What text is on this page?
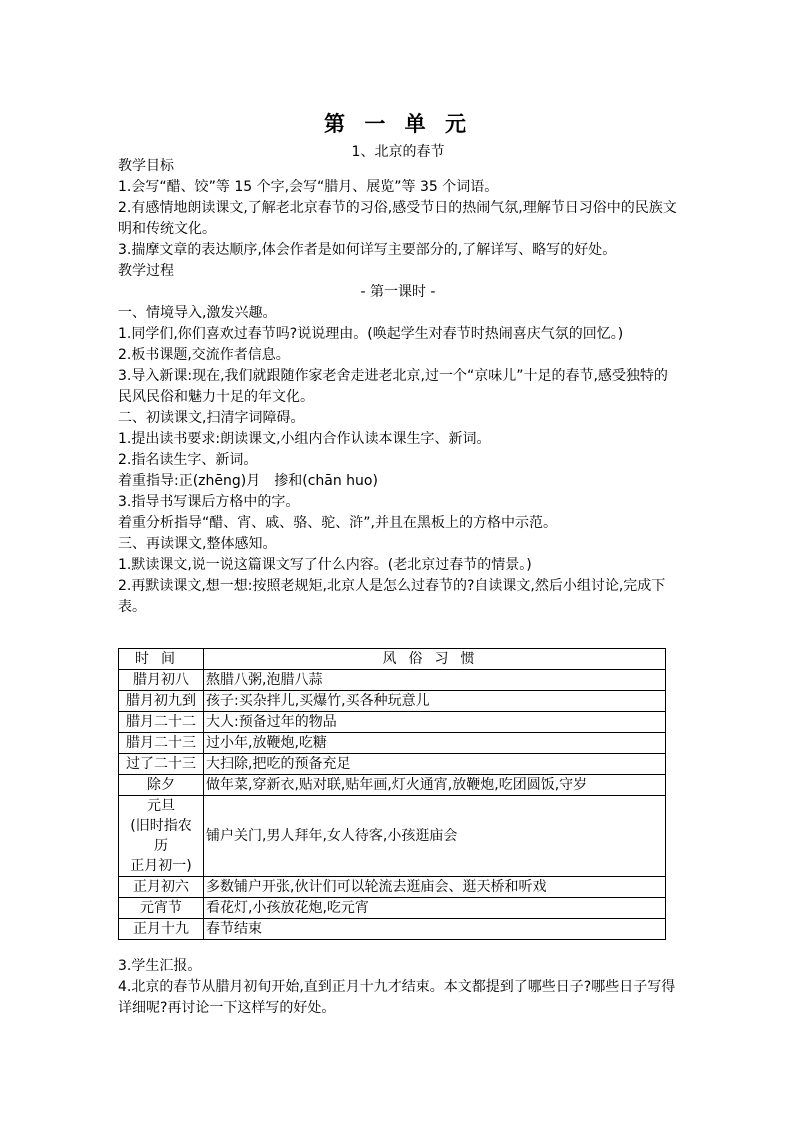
第 一 单 元
1、北京的春节

教学目标

1.会写“醋、饺”等 15 个字,会写“腊月、展览”等 35 个词语。

2.有感情地朗读课文,了解老北京春节的习俗,感受节日的热闹气氛,理解节日习俗中的民族文明和传统文化。

3.揣摩文章的表达顺序,体会作者是如何详写主要部分的,了解详写、略写的好处。

教学过程

- 第一课时 -

一、情境导入,激发兴趣。

1.同学们,你们喜欢过春节吗?说说理由。(唤起学生对春节时热闹喜庆气氛的回忆。)

2.板书课题,交流作者信息。

3.导入新课:现在,我们就跟随作家老舍走进老北京,过一个“京味儿”十足的春节,感受独特的民风民俗和魅力十足的年文化。

二、初读课文,扫清字词障碍。

1.提出读书要求:朗读课文,小组内合作认读本课生字、新词。

2.指名读生字、新词。

着重指导:正(zhēng)月　掺和(chān huo)

3.指导书写课后方格中的字。

着重分析指导“醋、宵、戚、骆、驼、浒”,并且在黑板上的方格中示范。

三、再读课文,整体感知。

1.默读课文,说一说这篇课文写了什么内容。(老北京过春节的情景。)

2.再默读课文,想一想:按照老规矩,北京人是怎么过春节的?自读课文,然后小组讨论,完成下表。

时间	风俗习惯
腊月初八	熬腊八粥,泡腊八蒜
腊月初九到	孩子:买杂拌儿,买爆竹,买各种玩意儿
腊月二十二	大人:预备过年的物品
腊月二十三	过小年,放鞭炮,吃糖
过了二十三	大扫除,把吃的预备充足
除夕	做年菜,穿新衣,贴对联,贴年画,灯火通宵,放鞭炮,吃团圆饭,守岁
元旦
(旧时指农
历
正月初一)	铺户关门,男人拜年,女人待客,小孩逛庙会
正月初六	多数铺户开张,伙计们可以轮流去逛庙会、逛天桥和听戏
元宵节	看花灯,小孩放花炮,吃元宵
正月十九	春节结束

3.学生汇报。

4.北京的春节从腊月初旬开始,直到正月十九才结束。本文都提到了哪些日子?哪些日子写得详细呢?再讨论一下这样写的好处。
